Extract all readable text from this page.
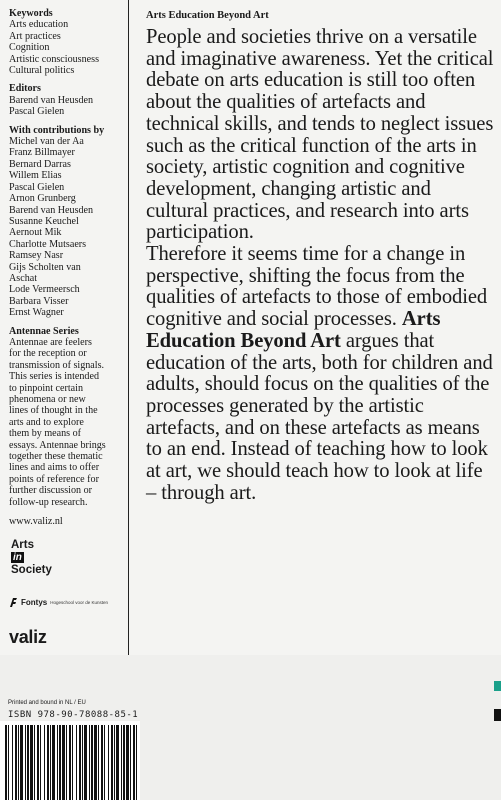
Keywords
Arts education
Art practices
Cognition
Artistic consciousness
Cultural politics
Editors
Barend van Heusden
Pascal Gielen
With contributions by
Michel van der Aa
Franz Billmayer
Bernard Darras
Willem Elias
Pascal Gielen
Arnon Grunberg
Barend van Heusden
Susanne Keuchel
Aernout Mik
Charlotte Mutsaers
Ramsey Nasr
Gijs Scholten van
Aschat
Lode Vermeersch
Barbara Visser
Ernst Wagner
Antennae Series
Antennae are feelers
for the reception or
transmission of signals.
This series is intended
to pinpoint certain
phenomena or new
lines of thought in the
arts and to explore
them by means of
essays. Antennae brings
together these thematic
lines and aims to offer
points of reference for
further discussion or
follow-up research.
www.valiz.nl
Arts
in
Society
Fontys Hogeschool voor de Kunsten
valiz
Arts Education Beyond Art

People and societies thrive on a versatile and imaginative awareness. Yet the critical debate on arts education is still too often about the qualities of artefacts and technical skills, and tends to neglect issues such as the critical function of the arts in society, artistic cognition and cognitive development, changing artistic and cultural practices, and research into arts participation.

Therefore it seems time for a change in perspective, shifting the focus from the qualities of artefacts to those of embodied cognitive and social processes. Arts Education Beyond Art argues that education of the arts, both for children and adults, should focus on the qualities of the processes generated by the artistic artefacts, and on these artefacts as means to an end. Instead of teaching how to look at art, we should teach how to look at life – through art.

Printed and bound in NL / EU
ISBN 978-90-78088-85-1
